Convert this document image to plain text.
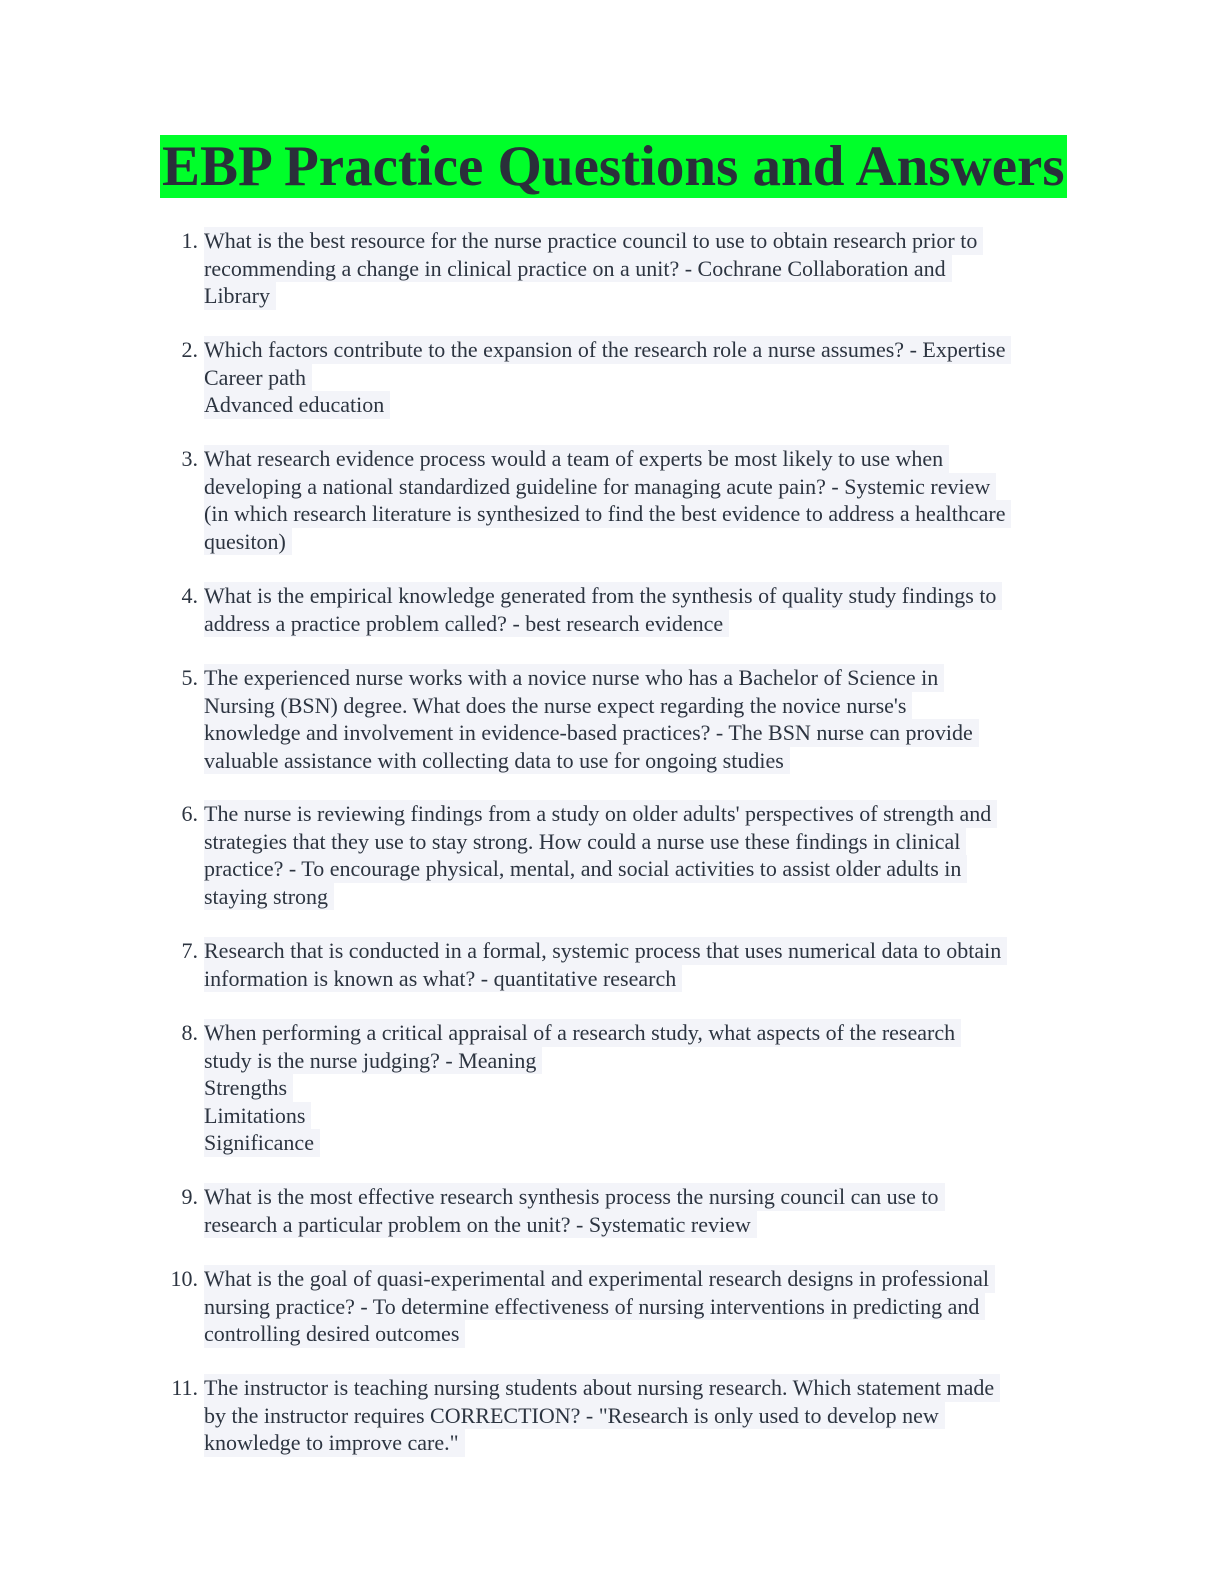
EBP Practice Questions and Answers
1. What is the best resource for the nurse practice council to use to obtain research prior to
recommending a change in clinical practice on a unit? - Cochrane Collaboration and
Library
2. Which factors contribute to the expansion of the research role a nurse assumes? - Expertise
Career path
Advanced education
3. What research evidence process would a team of experts be most likely to use when
developing a national standardized guideline for managing acute pain? - Systemic review
(in which research literature is synthesized to find the best evidence to address a healthcare
quesiton)
4. What is the empirical knowledge generated from the synthesis of quality study findings to
address a practice problem called? - best research evidence
5. The experienced nurse works with a novice nurse who has a Bachelor of Science in
Nursing (BSN) degree. What does the nurse expect regarding the novice nurse's
knowledge and involvement in evidence-based practices? - The BSN nurse can provide
valuable assistance with collecting data to use for ongoing studies
6. The nurse is reviewing findings from a study on older adults' perspectives of strength and
strategies that they use to stay strong. How could a nurse use these findings in clinical
practice? - To encourage physical, mental, and social activities to assist older adults in
staying strong
7. Research that is conducted in a formal, systemic process that uses numerical data to obtain
information is known as what? - quantitative research
8. When performing a critical appraisal of a research study, what aspects of the research
study is the nurse judging? - Meaning
Strengths
Limitations
Significance
9. What is the most effective research synthesis process the nursing council can use to
research a particular problem on the unit? - Systematic review
10. What is the goal of quasi-experimental and experimental research designs in professional
nursing practice? - To determine effectiveness of nursing interventions in predicting and
controlling desired outcomes
11. The instructor is teaching nursing students about nursing research. Which statement made
by the instructor requires CORRECTION? - "Research is only used to develop new
knowledge to improve care."
